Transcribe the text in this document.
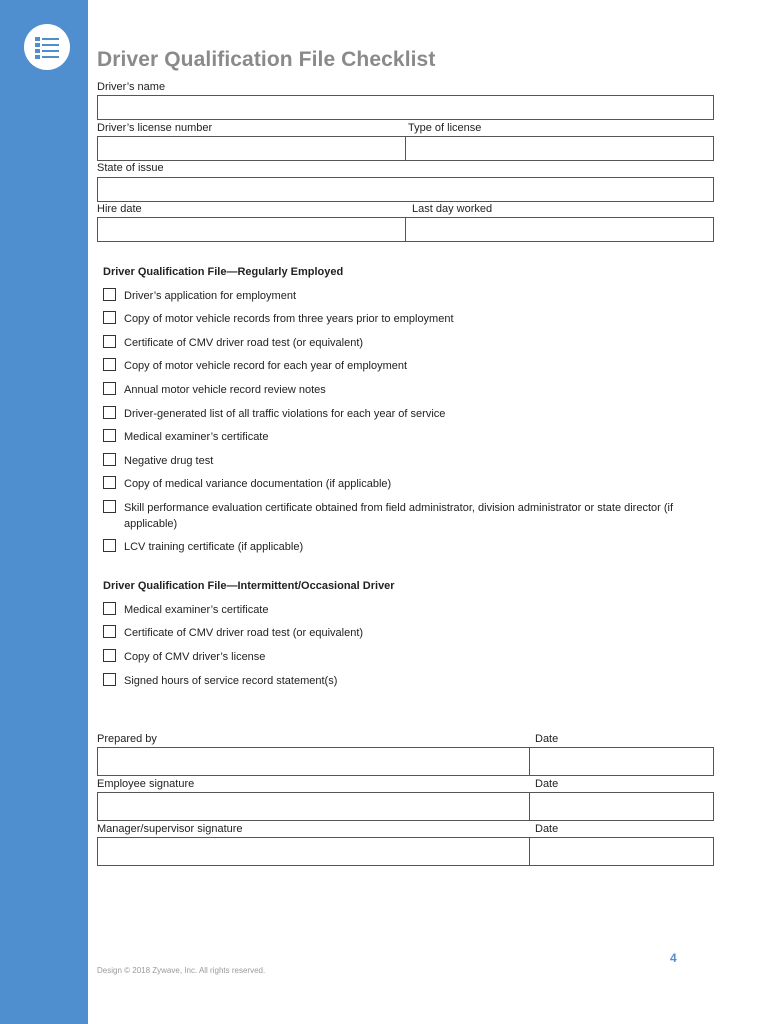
Driver Qualification File Checklist
Driver’s name
Driver’s license number	Type of license
State of issue
Hire date	Last day worked
Driver Qualification File—Regularly Employed
Driver’s application for employment
Copy of motor vehicle records from three years prior to employment
Certificate of CMV driver road test (or equivalent)
Copy of motor vehicle record for each year of employment
Annual motor vehicle record review notes
Driver-generated list of all traffic violations for each year of service
Medical examiner’s certificate
Negative drug test
Copy of medical variance documentation (if applicable)
Skill performance evaluation certificate obtained from field administrator, division administrator or state director (if applicable)
LCV training certificate (if applicable)
Driver Qualification File—Intermittent/Occasional Driver
Medical examiner’s certificate
Certificate of CMV driver road test (or equivalent)
Copy of CMV driver’s license
Signed hours of service record statement(s)
Prepared by	Date
Employee signature	Date
Manager/supervisor signature	Date
4
Design © 2018 Zywave, Inc. All rights reserved.
